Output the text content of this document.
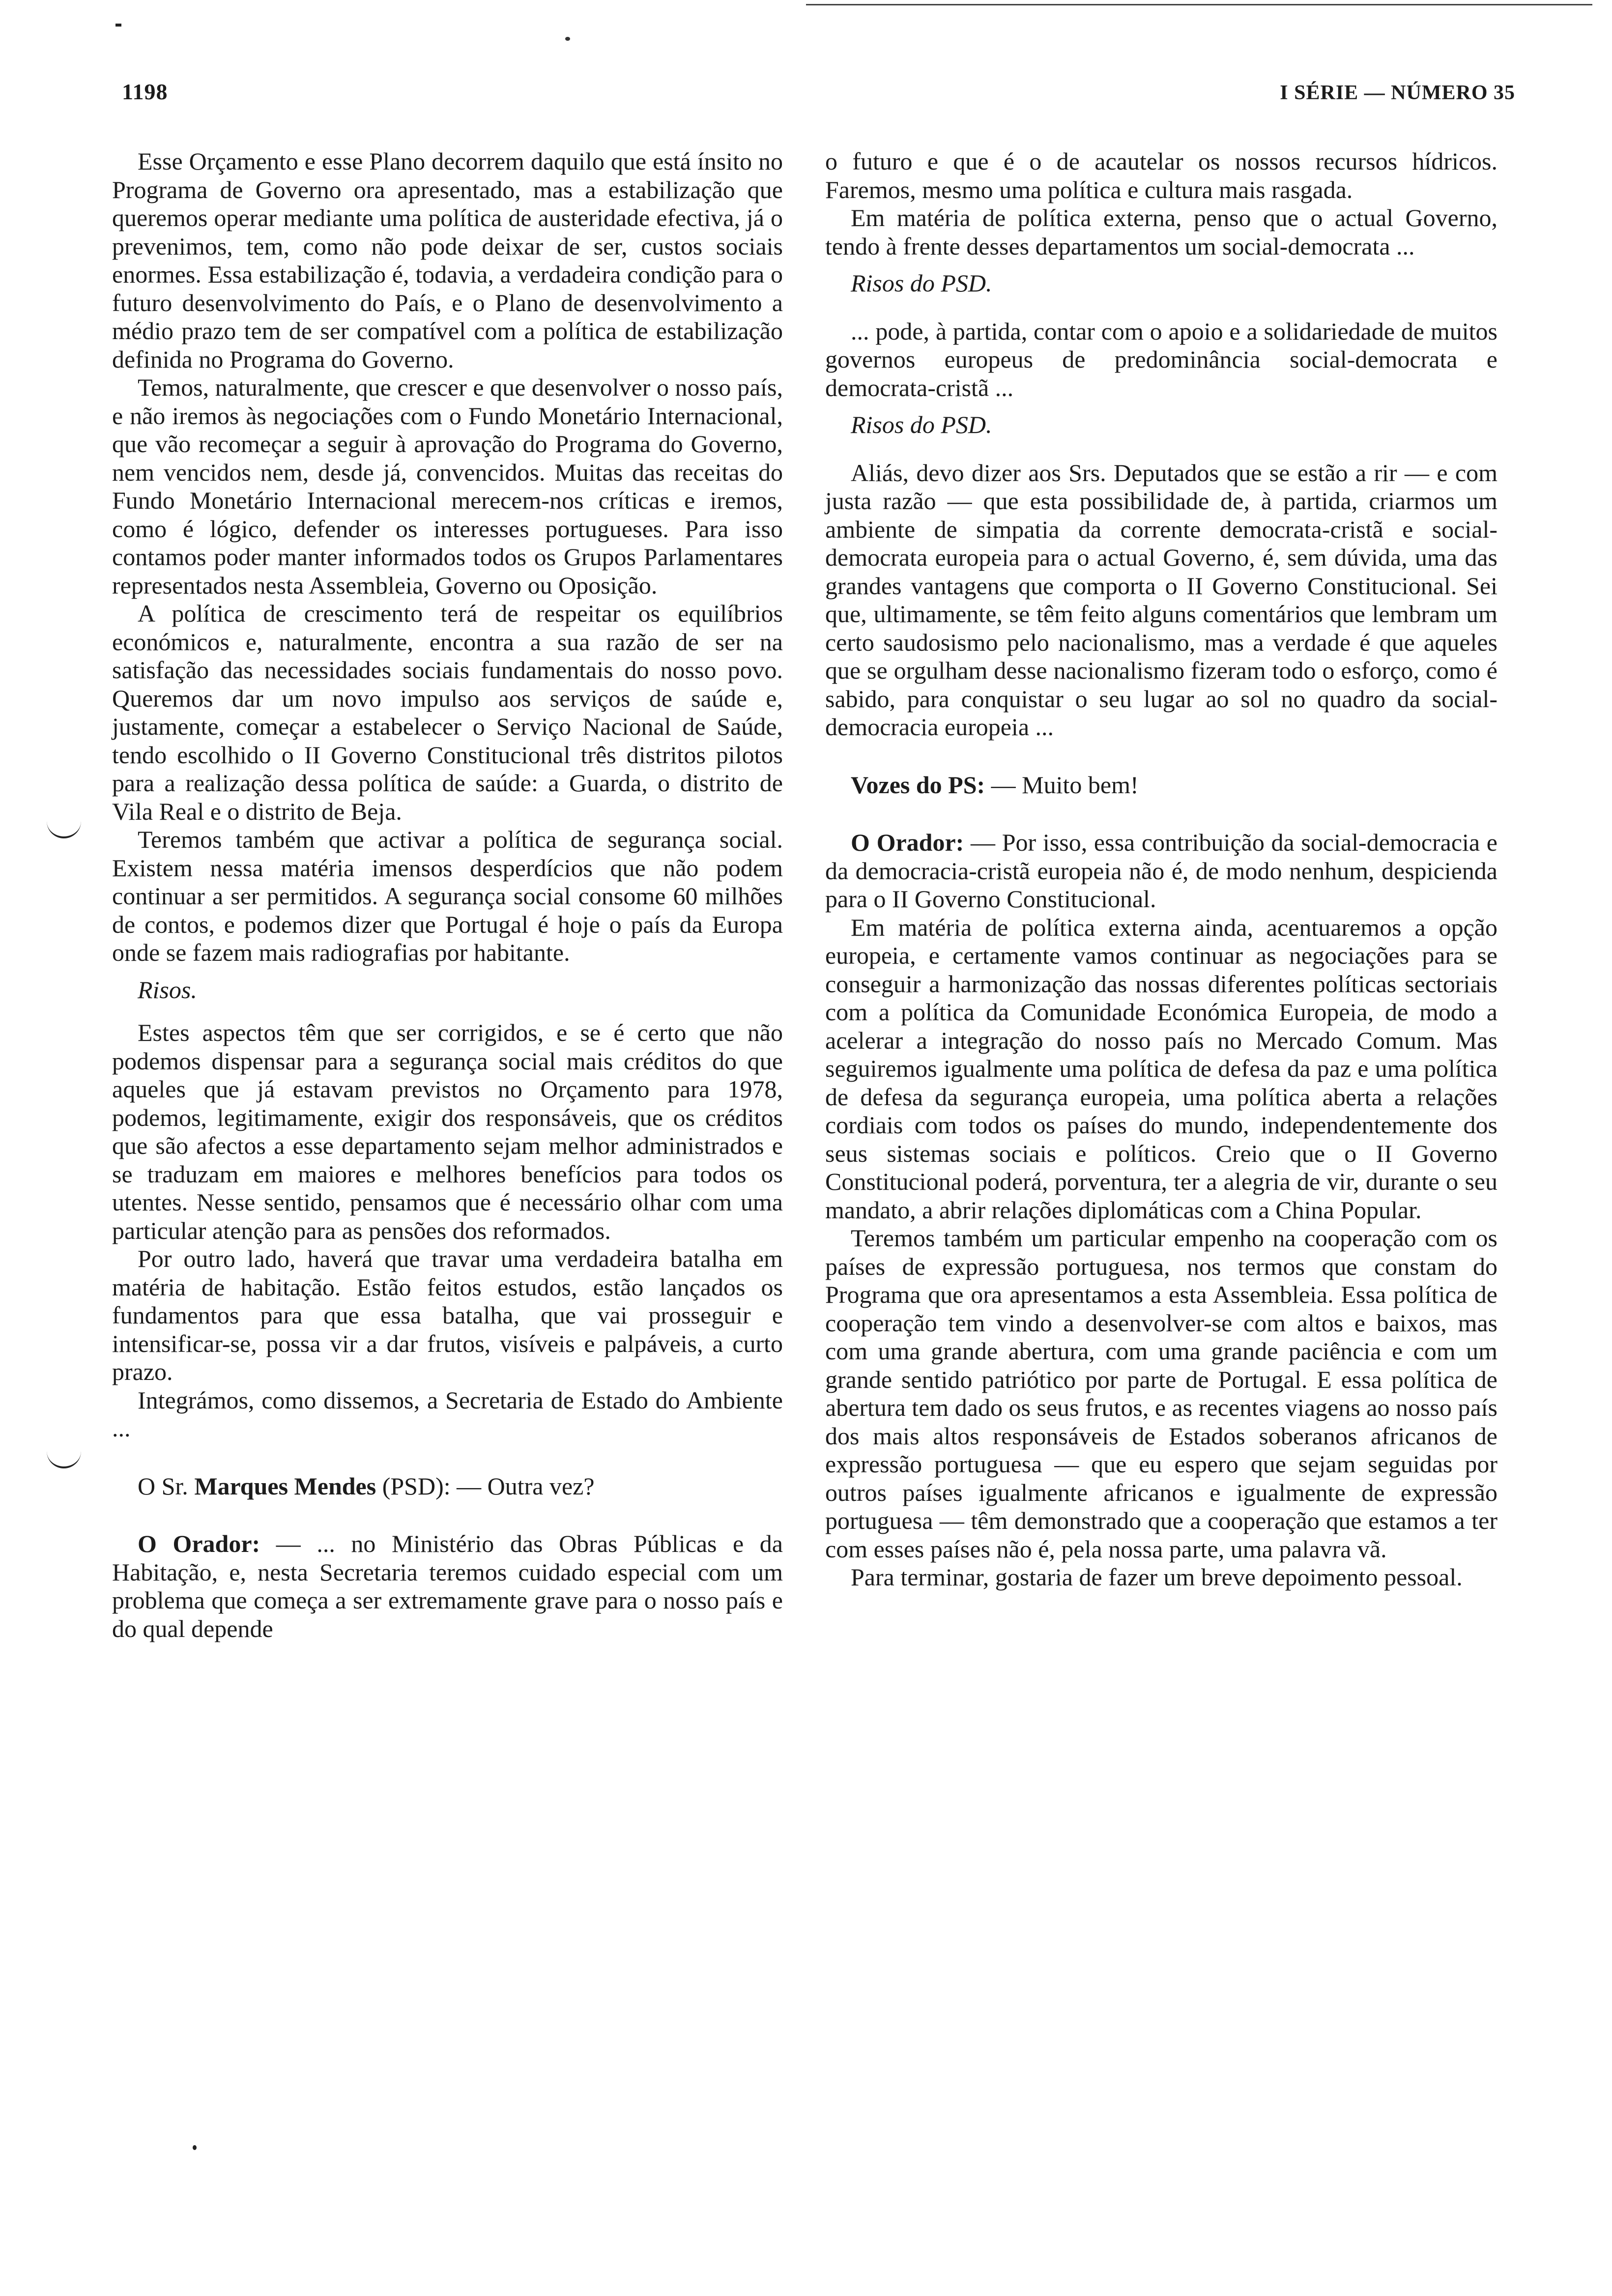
1198	I SÉRIE — NÚMERO 35

Esse Orçamento e esse Plano decorrem daquilo que está ínsito no Programa de Governo ora apresentado, mas a estabilização que queremos operar mediante uma política de austeridade efectiva, já o prevenimos, tem, como não pode deixar de ser, custos sociais enormes. Essa estabilização é, todavia, a verdadeira condição para o futuro desenvolvimento do País, e o Plano de desenvolvimento a médio prazo tem de ser compatível com a política de estabilização definida no Programa do Governo.

Temos, naturalmente, que crescer e que desenvolver o nosso país, e não iremos às negociações com o Fundo Monetário Internacional, que vão recomeçar a seguir à aprovação do Programa do Governo, nem vencidos nem, desde já, convencidos. Muitas das receitas do Fundo Monetário Internacional merecem-nos críticas e iremos, como é lógico, defender os interesses portugueses. Para isso contamos poder manter informados todos os Grupos Parlamentares representados nesta Assembleia, Governo ou Oposição.

A política de crescimento terá de respeitar os equilíbrios económicos e, naturalmente, encontra a sua razão de ser na satisfação das necessidades sociais fundamentais do nosso povo. Queremos dar um novo impulso aos serviços de saúde e, justamente, começar a estabelecer o Serviço Nacional de Saúde, tendo escolhido o II Governo Constitucional três distritos pilotos para a realização dessa política de saúde: a Guarda, o distrito de Vila Real e o distrito de Beja.

Teremos também que activar a política de segurança social. Existem nessa matéria imensos desperdícios que não podem continuar a ser permitidos. A segurança social consome 60 milhões de contos, e podemos dizer que Portugal é hoje o país da Europa onde se fazem mais radiografias por habitante.

Risos.

Estes aspectos têm que ser corrigidos, e se é certo que não podemos dispensar para a segurança social mais créditos do que aqueles que já estavam previstos no Orçamento para 1978, podemos, legitimamente, exigir dos responsáveis, que os créditos que são afectos a esse departamento sejam melhor administrados e se traduzam em maiores e melhores benefícios para todos os utentes. Nesse sentido, pensamos que é necessário olhar com uma particular atenção para as pensões dos reformados.

Por outro lado, haverá que travar uma verdadeira batalha em matéria de habitação. Estão feitos estudos, estão lançados os fundamentos para que essa batalha, que vai prosseguir e intensificar-se, possa vir a dar frutos, visíveis e palpáveis, a curto prazo.

Integrámos, como dissemos, a Secretaria de Estado do Ambiente ...

O Sr. Marques Mendes (PSD): — Outra vez?

O Orador: — ... no Ministério das Obras Públicas e da Habitação, e, nesta Secretaria teremos cuidado especial com um problema que começa a ser extremamente grave para o nosso país e do qual depende

o futuro e que é o de acautelar os nossos recursos hídricos. Faremos, mesmo uma política e cultura mais rasgada.

Em matéria de política externa, penso que o actual Governo, tendo à frente desses departamentos um social-democrata ...

Risos do PSD.

... pode, à partida, contar com o apoio e a solidariedade de muitos governos europeus de predominância social-democrata e democrata-cristã ...

Risos do PSD.

Aliás, devo dizer aos Srs. Deputados que se estão a rir — e com justa razão — que esta possibilidade de, à partida, criarmos um ambiente de simpatia da corrente democrata-cristã e social-democrata europeia para o actual Governo, é, sem dúvida, uma das grandes vantagens que comporta o II Governo Constitucional. Sei que, ultimamente, se têm feito alguns comentários que lembram um certo saudosismo pelo nacionalismo, mas a verdade é que aqueles que se orgulham desse nacionalismo fizeram todo o esforço, como é sabido, para conquistar o seu lugar ao sol no quadro da social-democracia europeia ...

Vozes do PS: — Muito bem!

O Orador: — Por isso, essa contribuição da social-democracia e da democracia-cristã europeia não é, de modo nenhum, despicienda para o II Governo Constitucional.

Em matéria de política externa ainda, acentuaremos a opção europeia, e certamente vamos continuar as negociações para se conseguir a harmonização das nossas diferentes políticas sectoriais com a política da Comunidade Económica Europeia, de modo a acelerar a integração do nosso país no Mercado Comum. Mas seguiremos igualmente uma política de defesa da paz e uma política de defesa da segurança europeia, uma política aberta a relações cordiais com todos os países do mundo, independentemente dos seus sistemas sociais e políticos. Creio que o II Governo Constitucional poderá, porventura, ter a alegria de vir, durante o seu mandato, a abrir relações diplomáticas com a China Popular.

Teremos também um particular empenho na cooperação com os países de expressão portuguesa, nos termos que constam do Programa que ora apresentamos a esta Assembleia. Essa política de cooperação tem vindo a desenvolver-se com altos e baixos, mas com uma grande abertura, com uma grande paciência e com um grande sentido patriótico por parte de Portugal. E essa política de abertura tem dado os seus frutos, e as recentes viagens ao nosso país dos mais altos responsáveis de Estados soberanos africanos de expressão portuguesa — que eu espero que sejam seguidas por outros países igualmente africanos e igualmente de expressão portuguesa — têm demonstrado que a cooperação que estamos a ter com esses países não é, pela nossa parte, uma palavra vã.

Para terminar, gostaria de fazer um breve depoimento pessoal.
